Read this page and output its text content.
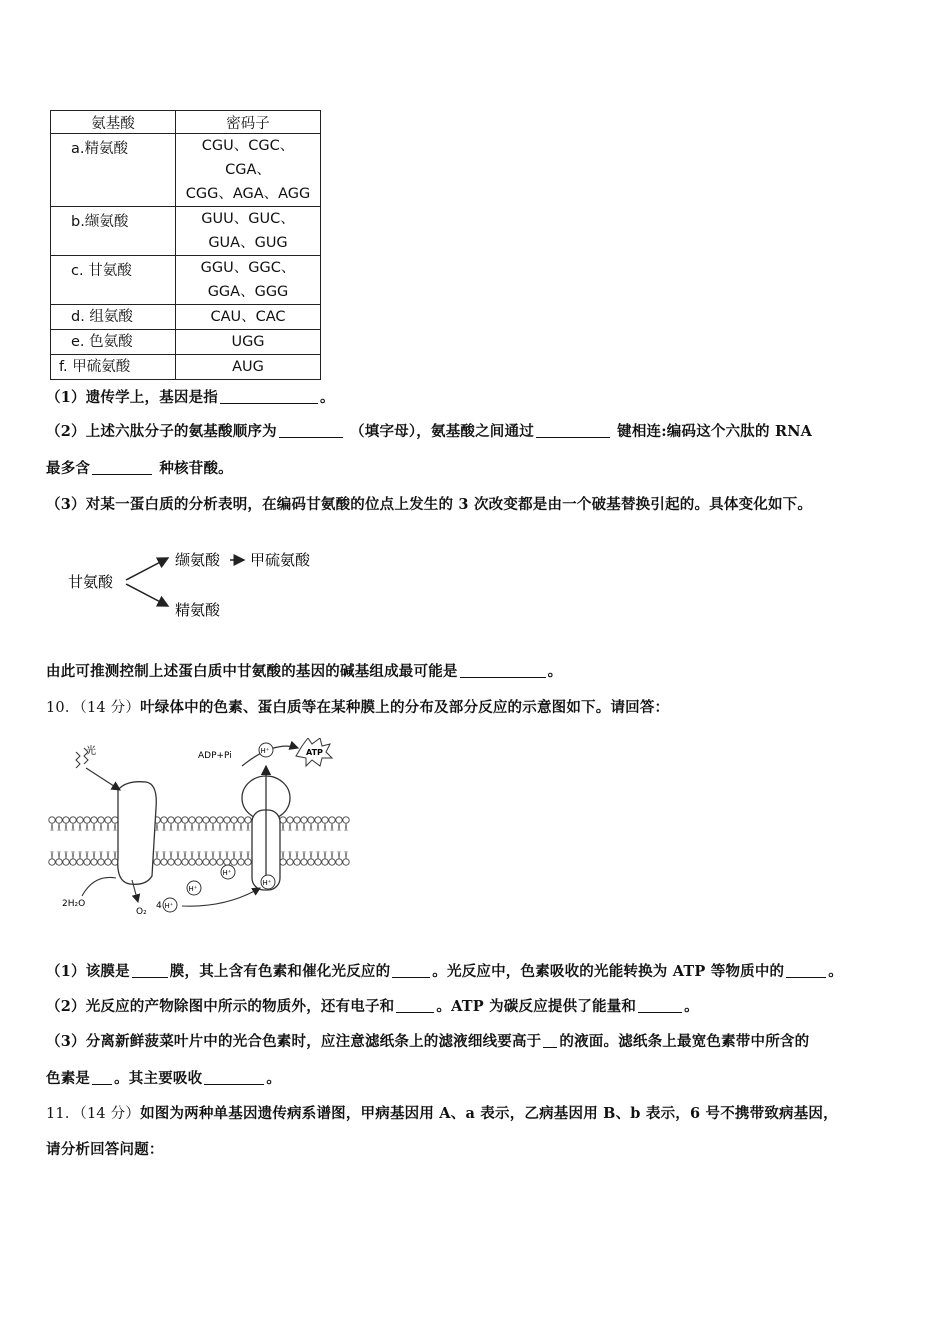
氨基酸	密码子
a.精氨酸	CGU、CGC、CGA、
CGG、AGA、AGG
b.缬氨酸	GUU、GUC、
GUA、GUG
c. 甘氨酸	GGU、GGC、
GGA、GGG
d. 组氨酸	CAU、CAC
e. 色氨酸	UGG
f. 甲硫氨酸	AUG
（1）遗传学上，基因是指	。
（2）上述六肽分子的氨基酸顺序为	（填字母），氨基酸之间通过	键相连:编码这个六肽的 RNA
最多含	种核苷酸。
（3）对某一蛋白质的分析表明，在编码甘氨酸的位点上发生的 3 次改变都是由一个破基替换引起的。具体变化如下。
甘氨酸
缬氨酸 甲硫氨酸
精氨酸
由此可推测控制上述蛋白质中甘氨酸的基因的碱基组成最可能是	。
10．（14 分）叶绿体中的色素、蛋白质等在某种膜上的分布及部分反应的示意图如下。请回答：
光	ADP+Pi	ATP
H⁺
2H₂O
O₂
4 H⁺
H⁺
H⁺
H⁺
（1）该膜是	膜，其上含有色素和催化光反应的	。光反应中，色素吸收的光能转换为 ATP 等物质中的	。
（2）光反应的产物除图中所示的物质外，还有电子和	。ATP 为碳反应提供了能量和	。
（3）分离新鲜菠菜叶片中的光合色素时，应注意滤纸条上的滤液细线要高于 的液面。滤纸条上最宽色素带中所含的
色素是 。其主要吸收	。
11．（14 分）如图为两种单基因遗传病系谱图，甲病基因用 A、a 表示，乙病基因用 B、b 表示，6 号不携带致病基因，
请分析回答问题：
